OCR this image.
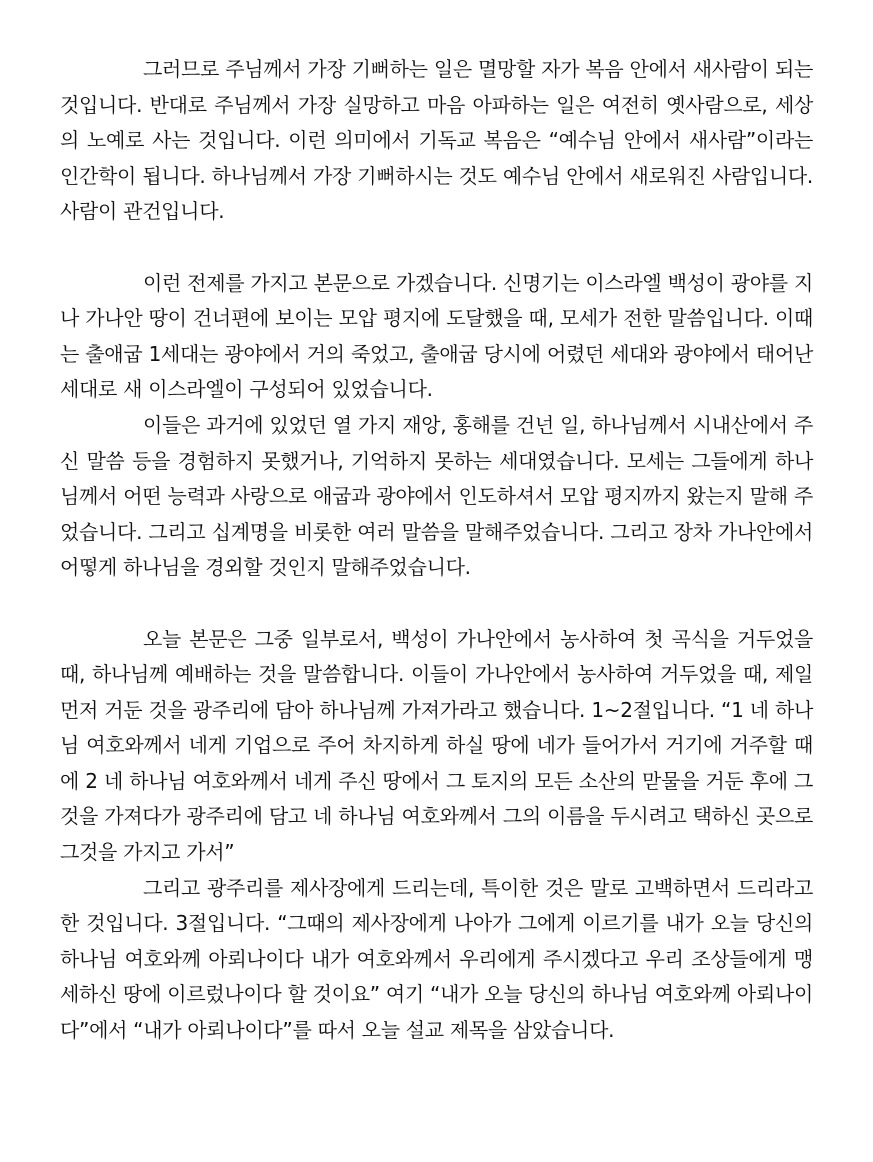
그러므로 주님께서 가장 기뻐하는 일은 멸망할 자가 복음 안에서 새사람이 되는 것입니다. 반대로 주님께서 가장 실망하고 마음 아파하는 일은 여전히 옛사람으로, 세상의 노예로 사는 것입니다. 이런 의미에서 기독교 복음은 “예수님 안에서 새사람”이라는 인간학이 됩니다. 하나님께서 가장 기뻐하시는 것도 예수님 안에서 새로워진 사람입니다. 사람이 관건입니다.

이런 전제를 가지고 본문으로 가겠습니다. 신명기는 이스라엘 백성이 광야를 지나 가나안 땅이 건너편에 보이는 모압 평지에 도달했을 때, 모세가 전한 말씀입니다. 이때는 출애굽 1세대는 광야에서 거의 죽었고, 출애굽 당시에 어렸던 세대와 광야에서 태어난 세대로 새 이스라엘이 구성되어 있었습니다.

이들은 과거에 있었던 열 가지 재앙, 홍해를 건넌 일, 하나님께서 시내산에서 주신 말씀 등을 경험하지 못했거나, 기억하지 못하는 세대였습니다. 모세는 그들에게 하나님께서 어떤 능력과 사랑으로 애굽과 광야에서 인도하셔서 모압 평지까지 왔는지 말해 주었습니다. 그리고 십계명을 비롯한 여러 말씀을 말해주었습니다. 그리고 장차 가나안에서 어떻게 하나님을 경외할 것인지 말해주었습니다.

오늘 본문은 그중 일부로서, 백성이 가나안에서 농사하여 첫 곡식을 거두었을 때, 하나님께 예배하는 것을 말씀합니다. 이들이 가나안에서 농사하여 거두었을 때, 제일 먼저 거둔 것을 광주리에 담아 하나님께 가져가라고 했습니다. 1~2절입니다. “1 네 하나님 여호와께서 네게 기업으로 주어 차지하게 하실 땅에 네가 들어가서 거기에 거주할 때에 2 네 하나님 여호와께서 네게 주신 땅에서 그 토지의 모든 소산의 맏물을 거둔 후에 그것을 가져다가 광주리에 담고 네 하나님 여호와께서 그의 이름을 두시려고 택하신 곳으로 그것을 가지고 가서”

그리고 광주리를 제사장에게 드리는데, 특이한 것은 말로 고백하면서 드리라고 한 것입니다. 3절입니다. “그때의 제사장에게 나아가 그에게 이르기를 내가 오늘 당신의 하나님 여호와께 아뢰나이다 내가 여호와께서 우리에게 주시겠다고 우리 조상들에게 맹세하신 땅에 이르렀나이다 할 것이요” 여기 “내가 오늘 당신의 하나님 여호와께 아뢰나이다”에서 “내가 아뢰나이다”를 따서 오늘 설교 제목을 삼았습니다.
